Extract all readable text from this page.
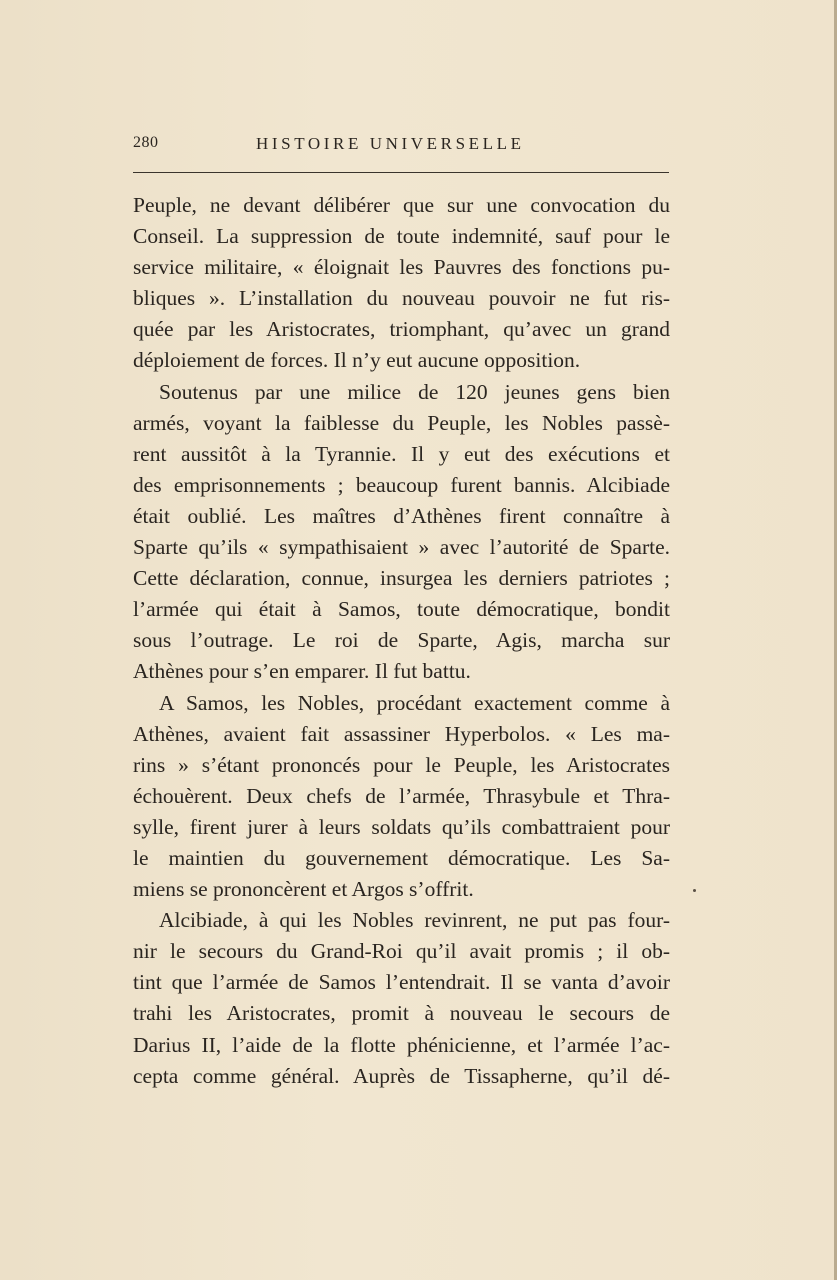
280	HISTOIRE UNIVERSELLE
Peuple, ne devant délibérer que sur une convocation du
Conseil. La suppression de toute indemnité, sauf pour le
service militaire, « éloignait les Pauvres des fonctions pu-
bliques ». L’installation du nouveau pouvoir ne fut ris-
quée par les Aristocrates, triomphant, qu’avec un grand
déploiement de forces. Il n’y eut aucune opposition.
Soutenus par une milice de 120 jeunes gens bien
armés, voyant la faiblesse du Peuple, les Nobles passè-
rent aussitôt à la Tyrannie. Il y eut des exécutions et
des emprisonnements ; beaucoup furent bannis. Alcibiade
était oublié. Les maîtres d’Athènes firent connaître à
Sparte qu’ils « sympathisaient » avec l’autorité de Sparte.
Cette déclaration, connue, insurgea les derniers patriotes ;
l’armée qui était à Samos, toute démocratique, bondit
sous l’outrage. Le roi de Sparte, Agis, marcha sur
Athènes pour s’en emparer. Il fut battu.
A Samos, les Nobles, procédant exactement comme à
Athènes, avaient fait assassiner Hyperbolos. « Les ma-
rins » s’étant prononcés pour le Peuple, les Aristocrates
échouèrent. Deux chefs de l’armée, Thrasybule et Thra-
sylle, firent jurer à leurs soldats qu’ils combattraient pour
le maintien du gouvernement démocratique. Les Sa-
miens se prononcèrent et Argos s’offrit.
Alcibiade, à qui les Nobles revinrent, ne put pas four-
nir le secours du Grand-Roi qu’il avait promis ; il ob-
tint que l’armée de Samos l’entendrait. Il se vanta d’avoir
trahi les Aristocrates, promit à nouveau le secours de
Darius II, l’aide de la flotte phénicienne, et l’armée l’ac-
cepta comme général. Auprès de Tissapherne, qu’il dé-
